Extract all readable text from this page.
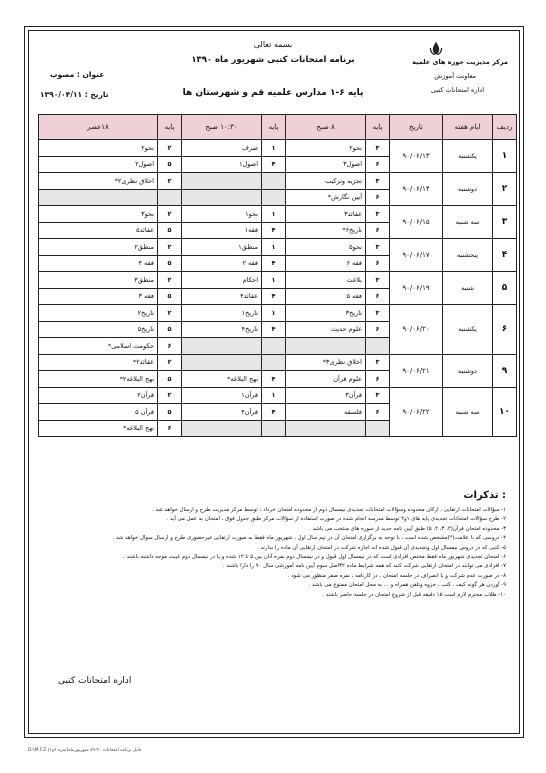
بسمه تعالی
مرکز مدیریت حوزه های علمیه
معاونت آموزش
اداره امتحانات کتبی
برنامه امتحانات کتبی شهریور ماه ۱۳۹۰
پایه ۶-۱ مدارس علمیه قم و شهرستان ها
عنوان : مصوب
تاریخ : ۱۳۹۰/۰۴/۱۱
ردیف	ایام هفته	تاریخ	پایه	۸ صبح	پایه	۱۰:۳۰ صبح	پایه	۱۸عصر
۱	یکشنبه	۹۰/۰۶/۱۳	۳	نحو۲	۱	صرف	۲	نحو۲
			۶	اصول۳	۴	اصول۱	۵	اصول۲
۲	دوشنبه	۹۰/۰۶/۱۴	۳	تجزیه وترکیب			۲	اخلاق نظری۲*
			۶	آیین نگارش*				
۳	سه شنبه	۹۰/۰۶/۱۵	۳	عقائد۳	۱	نحو۱	۲	نحو۳
			۶	تاریخ۶*	۴	فقه۱	۵	عقائد۵
۴	پنجشنبه	۹۰/۰۶/۱۷	۳	نحو۵	۱	منطق۱	۲	منطق۲
			۶	فقه ۶	۴	فقه ۲	۵	فقه ۴
۵	شنبه	۹۰/۰۶/۱۹	۳	بلاغت	۱	احکام	۲	منطق۳
			۶	فقه ۵	۴	عقائد۴	۵	فقه ۳
۶	یکشنبه	۹۰/۰۶/۲۰	۳	تاریخ۳	۱	تاریخ۱	۲	تاریخ۲
			۶	علوم حدیث	۴	تاریخ۴	۵	تاریخ۵
							۶	حکومت اسلامی*
۹	دوشنبه	۹۰/۰۶/۲۱	۳	اخلاق نظری۳*			۲	عقائد۲*
			۶	علوم قرآن	۴	نهج البلاغه*	۵	نهج البلاغه۲*
۱۰	سه شنبه	۹۰/۰۶/۲۲	۳	قرآن۳	۱	قرآن۱	۲	قرآن۲
			۶	فلسفه	۴	قرآن۴	۵	قرآن ۵
							۶	نهج البلاغه*
تذکرات :
۱- سؤالات امتحانات ارتقایی ، ارکان محدوده وسؤالات امتحانات تجدیدی نیمسال دوم از محدوده امتحان خرداد ، توسط مرکز مدیریت طرح و ارسال خواهد شد .
۲- طرح سؤالات امتحانات تجدیدی پایه های ۱و۲ توسط مدرسه انجام شده در صورت استفاده از سؤالات مرکز طبق جدول فوق ، امتحان به عمل می آید .
۳- محدوده امتحان قرآن(۲، ۳، ۴، ۵) طبق آیین نامه جدید از سوره های منتخب می باشد .
۴- دروسی که با علامت(*)مشخص شده است ، با توجه به برگزاری امتحان آن در نیم سال اول ، شهریور ماه فقط به صورت ارتقایی غیرحضوری طرح و ارسال سوال خواهد شد .
۵- کتبی که در دروس نیمسال اول وتجدیدی آن قبول شده اند اجازه شرکت در امتحان ارتقایی آن ماده را ندارند .
۶- امتحان تجدیدی شهریور ماه فقط مختص افرادی است که در نیمسال اول قبول و در نیمسال دوم نمره آنان بین ۵ تا ۱۲ شده و یا در نیمسال دوم غیبت موجه داشته باشند .
۷- افرادی می توانند در امتحان ارتقایی شرکت کنند که همه شرایط ماده ۳۲اصل سوم آیین نامه آموزشی سال ۹۰ را دارا باشند .
۸- در صورت عدم شرکت و یا انصراف در جلسه امتحان ، در کارنامه ، نمره صفر منظور می شود .
۹- آوردن هر گونه کیف ، کتب ، جزوه وتلفن همراه و ... به محل امتحان ممنوع می باشد .
۱۰- طلاب محترم لازم است ۱۵ دقیقه قبل از شروع امتحان در جلسه حاضر باشند .
اداره امتحانات کتبی
فایل برنامه امتحانات ۹۰-۸۹ شهریورماه(نمره ۶و۱) D:\M.F.Z
